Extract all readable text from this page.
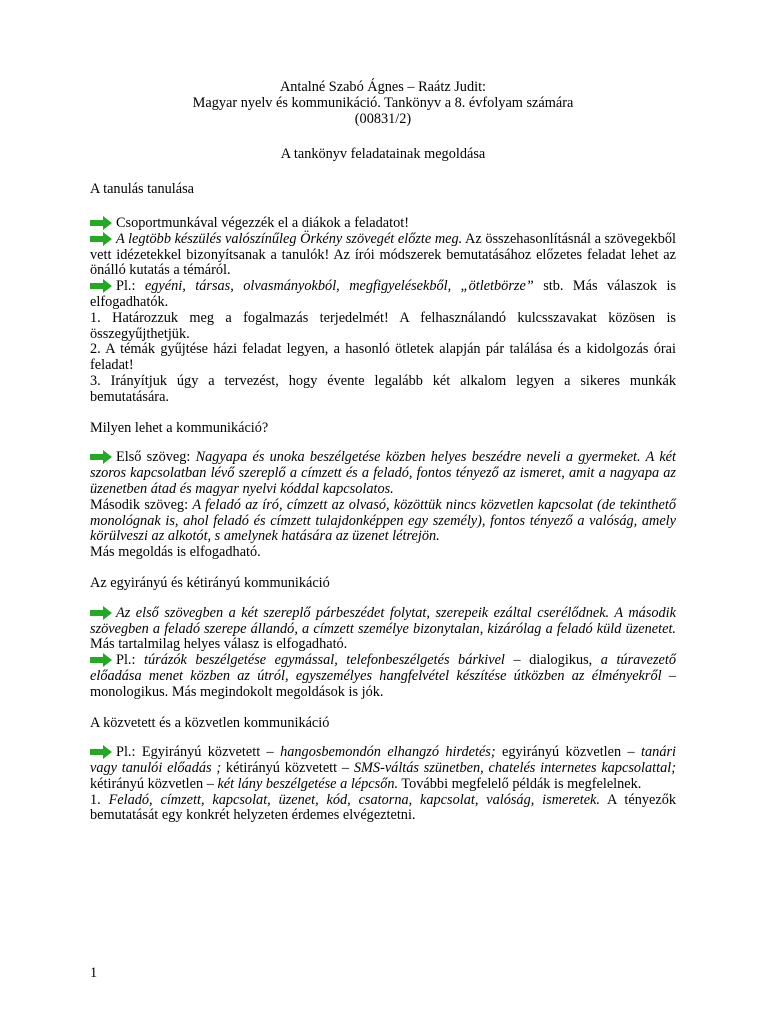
Antalné Szabó Ágnes – Raátz Judit:
Magyar nyelv és kommunikáció. Tankönyv a 8. évfolyam számára
(00831/2)
A tankönyv feladatainak megoldása
A tanulás tanulása

Csoportmunkával végezzék el a diákok a feladatot!

A legtöbb készülés valószínűleg Örkény szövegét előzte meg. Az összehasonlításnál a szövegekből vett idézetekkel bizonyítsanak a tanulók! Az írói módszerek bemutatásához előzetes feladat lehet az önálló kutatás a témáról.

Pl.: egyéni, társas, olvasmányokból, megfigyelésekből, „ötletbörze” stb. Más válaszok is elfogadhatók.

1. Határozzuk meg a fogalmazás terjedelmét! A felhasználandó kulcsszavakat közösen is összegyűjthetjük.

2. A témák gyűjtése házi feladat legyen, a hasonló ötletek alapján pár találása és a kidolgozás órai feladat!

3. Irányítjuk úgy a tervezést, hogy évente legalább két alkalom legyen a sikeres munkák bemutatására.

Milyen lehet a kommunikáció?

Első szöveg: Nagyapa és unoka beszélgetése közben helyes beszédre neveli a gyermeket. A két szoros kapcsolatban lévő szereplő a címzett és a feladó, fontos tényező az ismeret, amit a nagyapa az üzenetben átad és magyar nyelvi kóddal kapcsolatos.

Második szöveg: A feladó az író, címzett az olvasó, közöttük nincs közvetlen kapcsolat (de tekinthető monológnak is, ahol feladó és címzett tulajdonképpen egy személy), fontos tényező a valóság, amely körülveszi az alkotót, s amelynek hatására az üzenet létrejön.

Más megoldás is elfogadható.

Az egyirányú és kétirányú kommunikáció

Az első szövegben a két szereplő párbeszédet folytat, szerepeik ezáltal cserélődnek. A második szövegben a feladó szerepe állandó, a címzett személye bizonytalan, kizárólag a feladó küld üzenetet. Más tartalmilag helyes válasz is elfogadható.

Pl.: túrázók beszélgetése egymással, telefonbeszélgetés bárkivel – dialogikus, a túravezető előadása menet közben az útról, egyszemélyes hangfelvétel készítése útközben az élményekről – monologikus. Más megindokolt megoldások is jók.

A közvetett és a közvetlen kommunikáció

Pl.: Egyirányú közvetett – hangosbemondón elhangzó hirdetés; egyirányú közvetlen – tanári vagy tanulói előadás ; kétirányú közvetett – SMS-váltás szünetben, chatelés internetes kapcsolattal; kétirányú közvetlen – két lány beszélgetése a lépcsőn. További megfelelő példák is megfelelnek.

1. Feladó, címzett, kapcsolat, üzenet, kód, csatorna, kapcsolat, valóság, ismeretek. A tényezők bemutatását egy konkrét helyzeten érdemes elvégeztetni.

1
